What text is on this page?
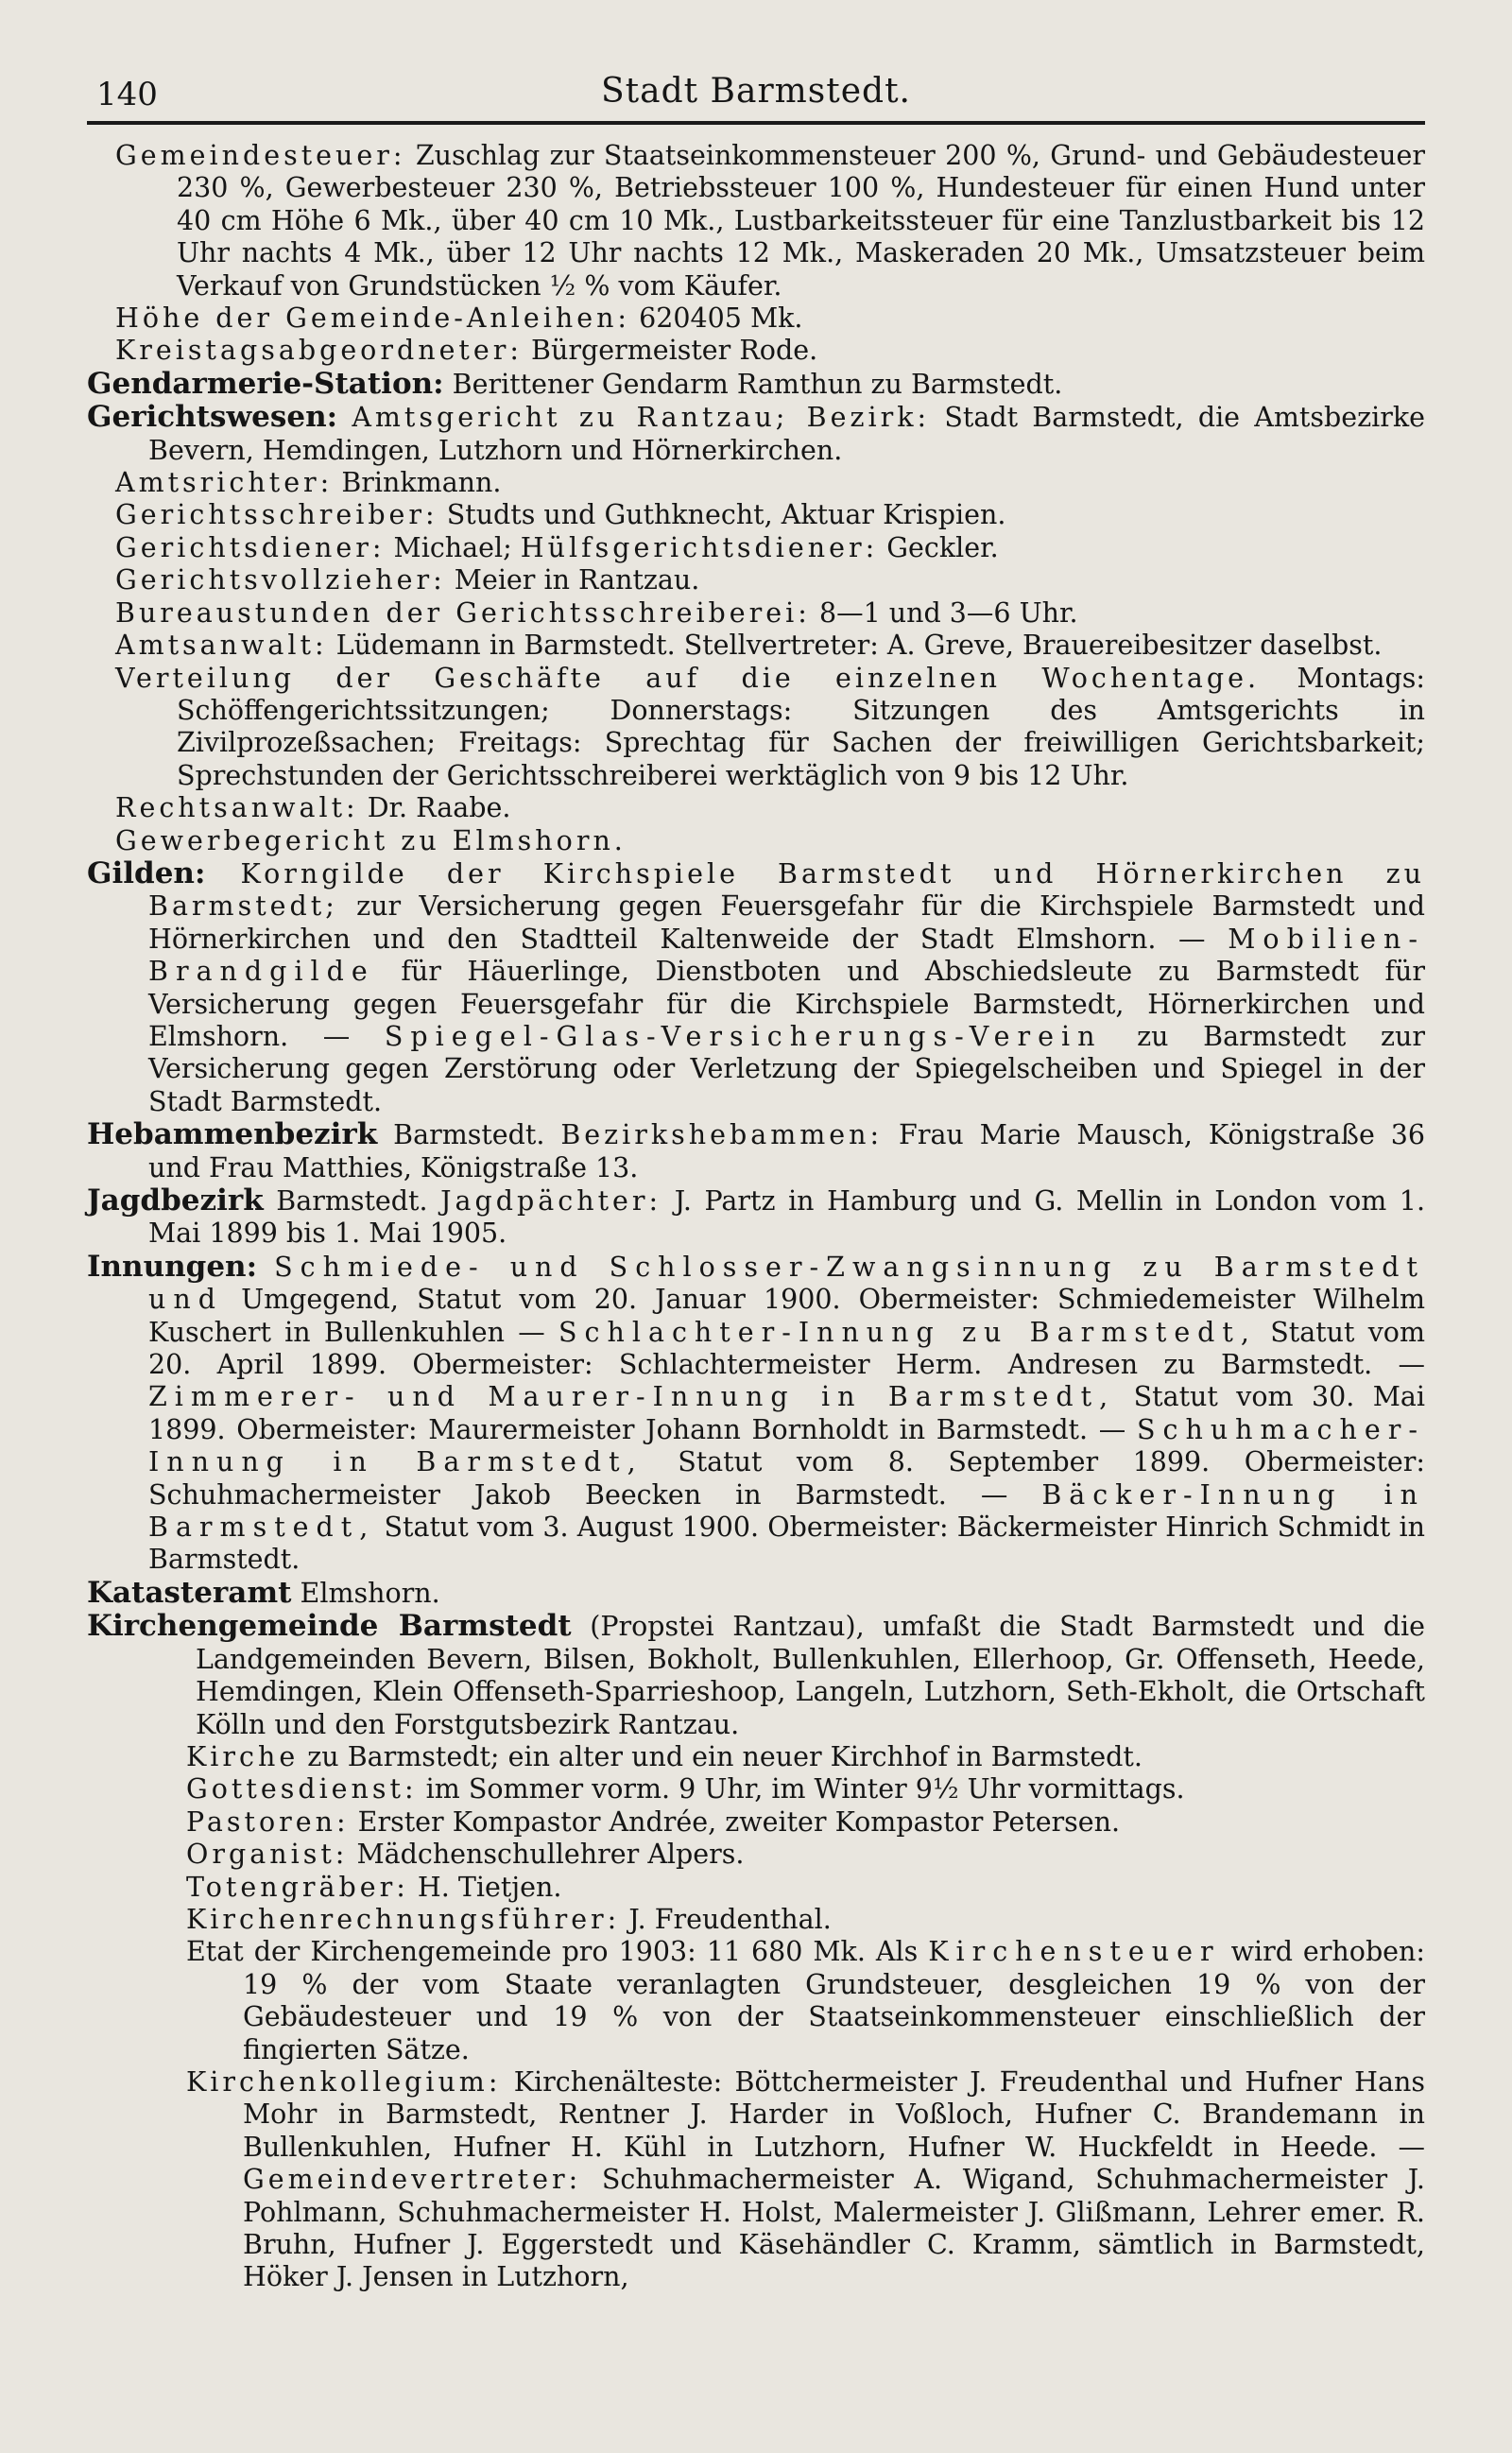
140	Stadt Barmstedt.

Gemeindesteuer: Zuschlag zur Staatseinkommensteuer 200 %, Grund- und Gebäudesteuer 230 %, Gewerbesteuer 230 %, Betriebssteuer 100 %, Hundesteuer für einen Hund unter 40 cm Höhe 6 Mk., über 40 cm 10 Mk., Lustbarkeitssteuer für eine Tanzlustbarkeit bis 12 Uhr nachts 4 Mk., über 12 Uhr nachts 12 Mk., Maskeraden 20 Mk., Umsatzsteuer beim Verkauf von Grundstücken ½ % vom Käufer.

Höhe der Gemeinde-Anleihen: 620405 Mk.

Kreistagsabgeordneter: Bürgermeister Rode.

Gendarmerie-Station: Berittener Gendarm Ramthun zu Barmstedt.

Gerichtswesen: Amtsgericht zu Rantzau; Bezirk: Stadt Barmstedt, die Amtsbezirke Bevern, Hemdingen, Lutzhorn und Hörnerkirchen.

Amtsrichter: Brinkmann.

Gerichtsschreiber: Studts und Guthknecht, Aktuar Krispien.

Gerichtsdiener: Michael; Hülfsgerichtsdiener: Geckler.

Gerichtsvollzieher: Meier in Rantzau.

Bureaustunden der Gerichtsschreiberei: 8—1 und 3—6 Uhr.

Amtsanwalt: Lüdemann in Barmstedt. Stellvertreter: A. Greve, Brauereibesitzer daselbst.

Verteilung der Geschäfte auf die einzelnen Wochentage. Montags: Schöffengerichtssitzungen; Donnerstags: Sitzungen des Amtsgerichts in Zivilprozeßsachen; Freitags: Sprechtag für Sachen der freiwilligen Gerichtsbarkeit; Sprechstunden der Gerichtsschreiberei werktäglich von 9 bis 12 Uhr.

Rechtsanwalt: Dr. Raabe.

Gewerbegericht zu Elmshorn.

Gilden: Korngilde der Kirchspiele Barmstedt und Hörnerkirchen zu Barmstedt; zur Versicherung gegen Feuersgefahr für die Kirchspiele Barmstedt und Hörnerkirchen und den Stadtteil Kaltenweide der Stadt Elmshorn. — Mobilien-Brandgilde für Häuerlinge, Dienstboten und Abschiedsleute zu Barmstedt für Versicherung gegen Feuersgefahr für die Kirchspiele Barmstedt, Hörnerkirchen und Elmshorn. — Spiegel-Glas-Versicherungs-Verein zu Barmstedt zur Versicherung gegen Zerstörung oder Verletzung der Spiegelscheiben und Spiegel in der Stadt Barmstedt.

Hebammenbezirk Barmstedt. Bezirkshebammen: Frau Marie Mausch, Königstraße 36 und Frau Matthies, Königstraße 13.

Jagdbezirk Barmstedt. Jagdpächter: J. Partz in Hamburg und G. Mellin in London vom 1. Mai 1899 bis 1. Mai 1905.

Innungen: Schmiede- und Schlosser-Zwangsinnung zu Barmstedt und Umgegend, Statut vom 20. Januar 1900. Obermeister: Schmiedemeister Wilhelm Kuschert in Bullenkuhlen — Schlachter-Innung zu Barmstedt, Statut vom 20. April 1899. Obermeister: Schlachtermeister Herm. Andresen zu Barmstedt. — Zimmerer- und Maurer-Innung in Barmstedt, Statut vom 30. Mai 1899. Obermeister: Maurermeister Johann Bornholdt in Barmstedt. — Schuhmacher-Innung in Barmstedt, Statut vom 8. September 1899. Obermeister: Schuhmachermeister Jakob Beecken in Barmstedt. — Bäcker-Innung in Barmstedt, Statut vom 3. August 1900. Obermeister: Bäckermeister Hinrich Schmidt in Barmstedt.

Katasteramt Elmshorn.

Kirchengemeinde Barmstedt (Propstei Rantzau), umfaßt die Stadt Barmstedt und die Landgemeinden Bevern, Bilsen, Bokholt, Bullenkuhlen, Ellerhoop, Gr. Offenseth, Heede, Hemdingen, Klein Offenseth-Sparrieshoop, Langeln, Lutzhorn, Seth-Ekholt, die Ortschaft Kölln und den Forstgutsbezirk Rantzau.

Kirche zu Barmstedt; ein alter und ein neuer Kirchhof in Barmstedt.

Gottesdienst: im Sommer vorm. 9 Uhr, im Winter 9½ Uhr vormittags.

Pastoren: Erster Kompastor Andrée, zweiter Kompastor Petersen.

Organist: Mädchenschullehrer Alpers.

Totengräber: H. Tietjen.

Kirchenrechnungsführer: J. Freudenthal.

Etat der Kirchengemeinde pro 1903: 11 680 Mk. Als Kirchensteuer wird erhoben: 19 % der vom Staate veranlagten Grundsteuer, desgleichen 19 % von der Gebäudesteuer und 19 % von der Staatseinkommensteuer einschließlich der fingierten Sätze.

Kirchenkollegium: Kirchenälteste: Böttchermeister J. Freudenthal und Hufner Hans Mohr in Barmstedt, Rentner J. Harder in Voßloch, Hufner C. Brandemann in Bullenkuhlen, Hufner H. Kühl in Lutzhorn, Hufner W. Huckfeldt in Heede. — Gemeindevertreter: Schuhmachermeister A. Wigand, Schuhmachermeister J. Pohlmann, Schuhmachermeister H. Holst, Malermeister J. Glißmann, Lehrer emer. R. Bruhn, Hufner J. Eggerstedt und Käsehändler C. Kramm, sämtlich in Barmstedt, Höker J. Jensen in Lutzhorn,
